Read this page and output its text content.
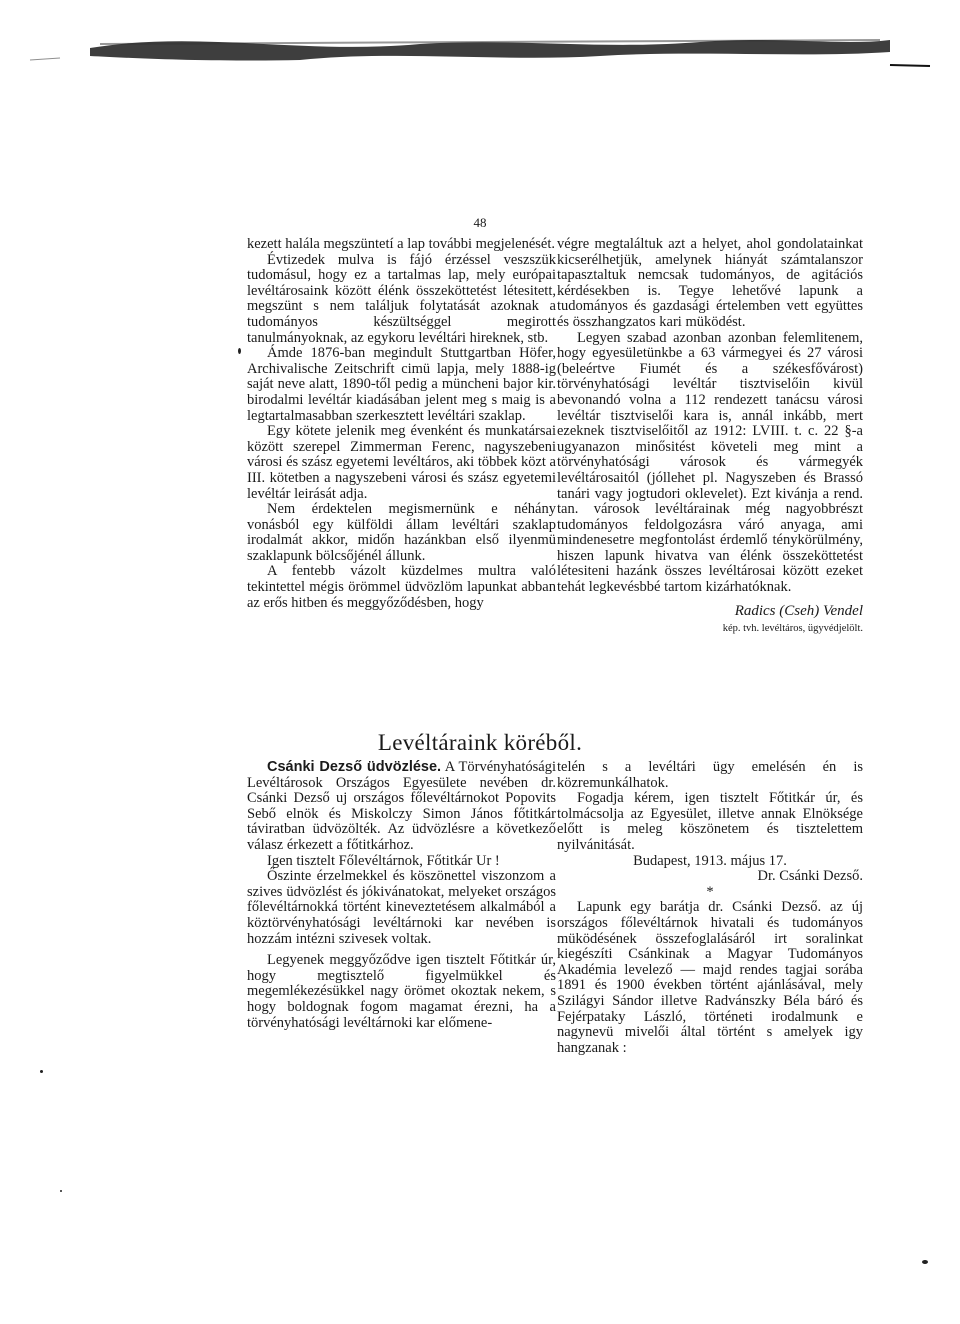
48

kezett halála megszüntetí a lap további megjelenését.

Évtizedek mulva is fájó érzéssel veszszük tudomásul, hogy ez a tartalmas lap, mely európai levéltárosaink között élénk összeköttetést létesitett, megszünt s nem találjuk folytatását azoknak a tudományos készültséggel megirott tanulmányoknak, az egykoru levéltári hireknek, stb.

Ámde 1876-ban megindult Stuttgartban Höfer, Archivalische Zeitschrift cimü lapja, mely 1888-ig saját neve alatt, 1890-től pedig a müncheni bajor kir. birodalmi levéltár kiadásában jelent meg s maig is a legtartalmasabban szerkesztett levéltári szaklap.

Egy kötete jelenik meg évenként és munkatársai között szerepel Zimmerman Ferenc, nagyszebeni városi és szász egyetemi levéltáros, aki többek közt a III. kötetben a nagyszebeni városi és szász egyetemi levéltár leirását adja.

Nem érdektelen megismernünk e néhány vonásból egy külföldi állam levéltári szaklap irodalmát akkor, midőn hazánkban első ilyenmü szaklapunk bölcsőjénél állunk.

A fentebb vázolt küzdelmes multra való tekintettel mégis örömmel üdvözlöm lapunkat abban az erős hitben és meggyőződésben, hogy

végre megtaláltuk azt a helyet, ahol gondolatainkat kicserélhetjük, amelynek hiányát számtalanszor tapasztaltuk nemcsak tudományos, de agitációs kérdésekben is. Tegye lehetővé lapunk a tudományos és gazdasági értelemben vett együttes és összhangzatos kari müködést.

Legyen szabad azonban azonban felemlitenem, hogy egyesületünkbe a 63 vármegyei és 27 városi (beleértve Fiumét és a székesfővárost) törvényhatósági levéltár tisztviselőin kivül bevonandó volna a 112 rendezett tanácsu városi levéltár tisztviselői kara is, annál inkább, mert ezeknek tisztviselőitől az 1912: LVIII. t. c. 22 §-a ugyanazon minősitést követeli meg mint a törvényhatósági városok és vármegyék levéltárosaitól (jóllehet pl. Nagyszeben és Brassó tanári vagy jogtudori oklevelet). Ezt kivánja a rend. tan. városok levéltárainak még nagyobbrészt tudományos feldolgozásra váró anyaga, ami mindenesetre megfontolást érdemlő ténykörülmény, hiszen lapunk hivatva van élénk összeköttetést létesiteni hazánk összes levéltárosai között ezeket tehát legkevésbbé tartom kizárhatóknak.

Radics (Cseh) Vendel
kép. tvh. levéltáros, ügyvédjelölt.
Levéltáraink köréből.

Csánki Dezső üdvözlése. A Törvényhatósági Levéltárosok Országos Egyesülete nevében dr. Csánki Dezső uj országos főlevéltárnokot Popovits Sebő elnök és Miskolczy Simon János főtitkár táviratban üdvözölték. Az üdvözlésre a következő válasz érkezett a főtitkárhoz.

Igen tisztelt Főlevéltárnok, Főtitkár Ur !

Őszinte érzelmekkel és köszönettel viszonzom a szives üdvözlést és jókivánatokat, melyeket országos főlevéltárnokká történt kineveztetésem alkalmából a köztörvényhatósági levéltárnoki kar nevében is hozzám intézni szivesek voltak.

Legyenek meggyőződve igen tisztelt Főtitkár úr, hogy megtisztelő figyelmükkel és megemlékezésükkel nagy örömet okoztak nekem, s hogy boldognak fogom magamat érezni, ha a törvényhatósági levéltárnoki kar előmene-

telén s a levéltári ügy emelésén én is közremunkálhatok.

Fogadja kérem, igen tisztelt Főtitkár úr, és tolmácsolja az Egyesület, illetve annak Elnöksége előtt is meleg köszönetem és tisztelettem nyilvánitását.

Budapest, 1913. május 17.

Dr. Csánki Dezső.

*

Lapunk egy barátja dr. Csánki Dezső. az új országos főlevéltárnok hivatali és tudományos müködésének összefoglalásáról irt soralinkat kiegészíti Csánkinak a Magyar Tudományos Akadémia levelező — majd rendes tagjai sorába 1891 és 1900 években történt ajánlásával, mely Szilágyi Sándor illetve Radvánszky Béla báró és Fejérpataky László, történeti irodalmunk e nagynevü mivelői által történt s amelyek igy hangzanak :
